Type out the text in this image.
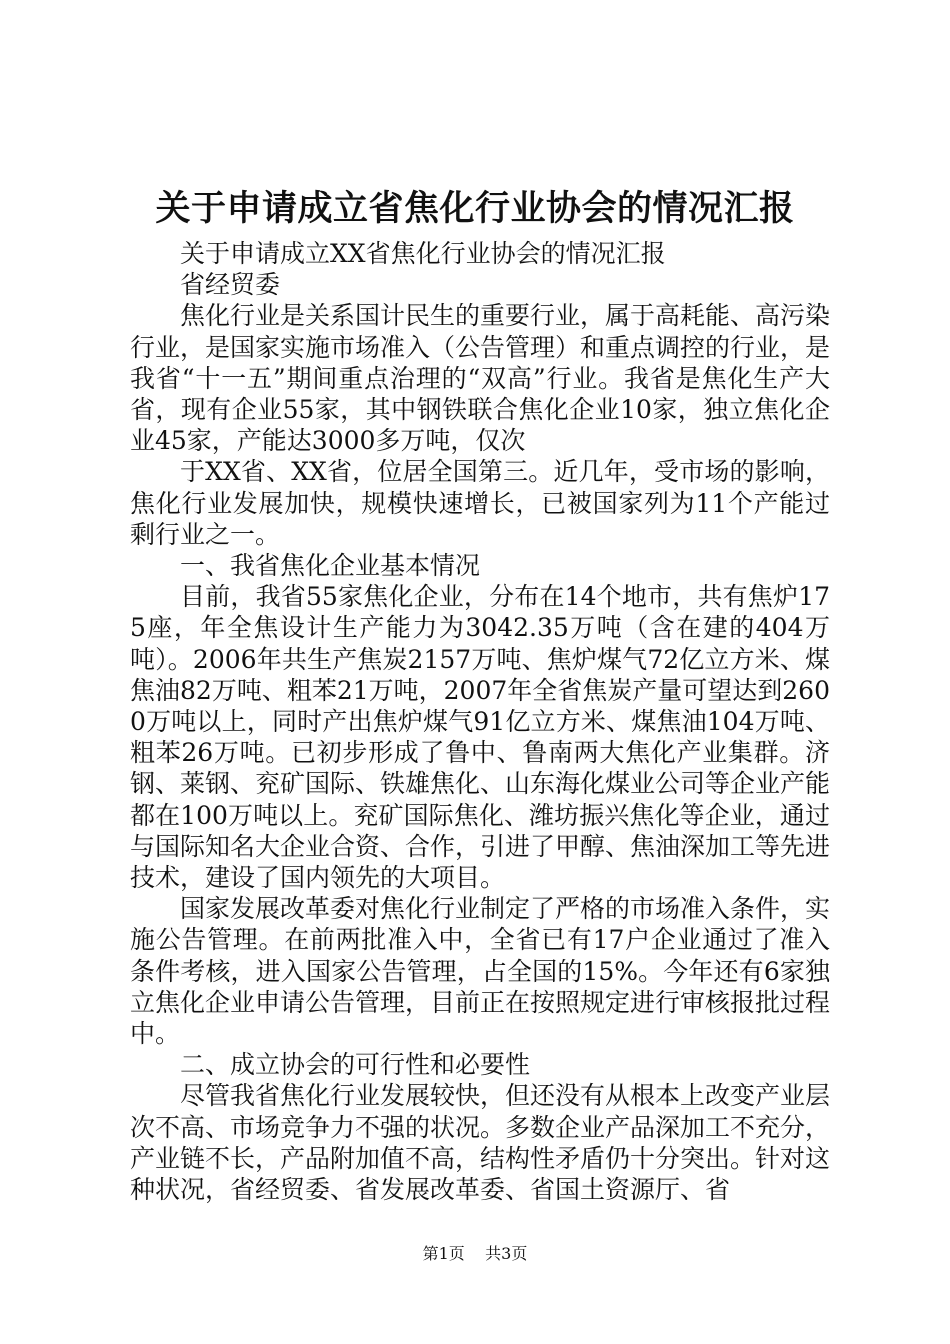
关于申请成立省焦化行业协会的情况汇报

关于申请成立XX省焦化行业协会的情况汇报

省经贸委

焦化行业是关系国计民生的重要行业，属于高耗能、高污染行业，是国家实施市场准入（公告管理）和重点调控的行业，是我省“十一五”期间重点治理的“双高”行业。我省是焦化生产大省，现有企业55家，其中钢铁联合焦化企业10家，独立焦化企业45家，产能达3000多万吨，仅次

于XX省、XX省，位居全国第三。近几年，受市场的影响，焦化行业发展加快，规模快速增长，已被国家列为11个产能过剩行业之一。

一、我省焦化企业基本情况

目前，我省55家焦化企业，分布在14个地市，共有焦炉175座，年全焦设计生产能力为3042.35万吨（含在建的404万吨）。2006年共生产焦炭2157万吨、焦炉煤气72亿立方米、煤焦油82万吨、粗苯21万吨，2007年全省焦炭产量可望达到2600万吨以上，同时产出焦炉煤气91亿立方米、煤焦油104万吨、粗苯26万吨。已初步形成了鲁中、鲁南两大焦化产业集群。济钢、莱钢、兖矿国际、铁雄焦化、山东海化煤业公司等企业产能都在100万吨以上。兖矿国际焦化、潍坊振兴焦化等企业，通过与国际知名大企业合资、合作，引进了甲醇、焦油深加工等先进技术，建设了国内领先的大项目。

国家发展改革委对焦化行业制定了严格的市场准入条件，实施公告管理。在前两批准入中，全省已有17户企业通过了准入条件考核，进入国家公告管理，占全国的15%。今年还有6家独立焦化企业申请公告管理，目前正在按照规定进行审核报批过程中。

二、成立协会的可行性和必要性

尽管我省焦化行业发展较快，但还没有从根本上改变产业层次不高、市场竞争力不强的状况。多数企业产品深加工不充分，产业链不长，产品附加值不高，结构性矛盾仍十分突出。针对这种状况，省经贸委、省发展改革委、省国土资源厅、省

第1页 共3页
